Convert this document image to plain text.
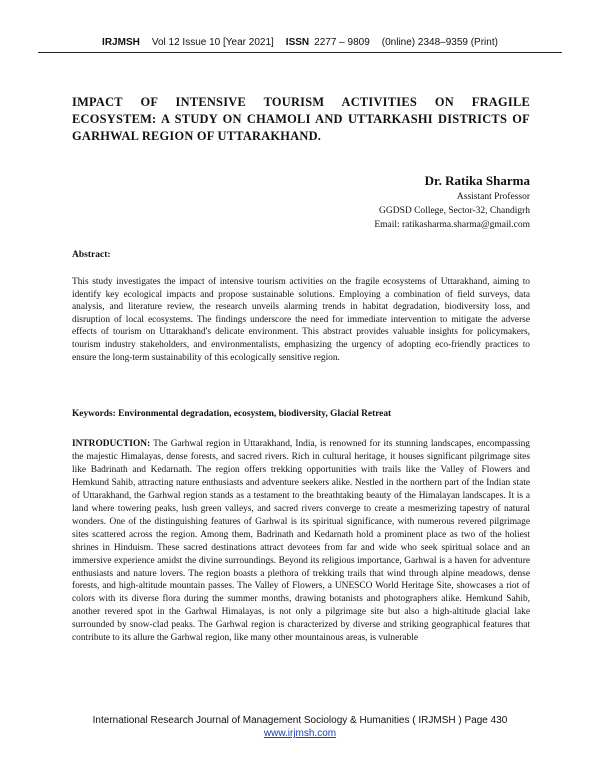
IRJMSH Vol 12 Issue 10 [Year 2021] ISSN 2277 – 9809 (0nline) 2348–9359 (Print)
IMPACT OF INTENSIVE TOURISM ACTIVITIES ON FRAGILE ECOSYSTEM: A STUDY ON CHAMOLI AND UTTARKASHI DISTRICTS OF GARHWAL REGION OF UTTARAKHAND.
Dr. Ratika Sharma
Assistant Professor
GGDSD College, Sector-32, Chandigrh
Email: ratikasharma.sharma@gmail.com
Abstract:

This study investigates the impact of intensive tourism activities on the fragile ecosystems of Uttarakhand, aiming to identify key ecological impacts and propose sustainable solutions. Employing a combination of field surveys, data analysis, and literature review, the research unveils alarming trends in habitat degradation, biodiversity loss, and disruption of local ecosystems. The findings underscore the need for immediate intervention to mitigate the adverse effects of tourism on Uttarakhand's delicate environment. This abstract provides valuable insights for policymakers, tourism industry stakeholders, and environmentalists, emphasizing the urgency of adopting eco-friendly practices to ensure the long-term sustainability of this ecologically sensitive region.

Keywords: Environmental degradation, ecosystem, biodiversity, Glacial Retreat

INTRODUCTION: The Garhwal region in Uttarakhand, India, is renowned for its stunning landscapes, encompassing the majestic Himalayas, dense forests, and sacred rivers. Rich in cultural heritage, it houses significant pilgrimage sites like Badrinath and Kedarnath. The region offers trekking opportunities with trails like the Valley of Flowers and Hemkund Sahib, attracting nature enthusiasts and adventure seekers alike. Nestled in the northern part of the Indian state of Uttarakhand, the Garhwal region stands as a testament to the breathtaking beauty of the Himalayan landscapes. It is a land where towering peaks, lush green valleys, and sacred rivers converge to create a mesmerizing tapestry of natural wonders. One of the distinguishing features of Garhwal is its spiritual significance, with numerous revered pilgrimage sites scattered across the region. Among them, Badrinath and Kedarnath hold a prominent place as two of the holiest shrines in Hinduism. These sacred destinations attract devotees from far and wide who seek spiritual solace and an immersive experience amidst the divine surroundings. Beyond its religious importance, Garhwal is a haven for adventure enthusiasts and nature lovers. The region boasts a plethora of trekking trails that wind through alpine meadows, dense forests, and high-altitude mountain passes. The Valley of Flowers, a UNESCO World Heritage Site, showcases a riot of colors with its diverse flora during the summer months, drawing botanists and photographers alike. Hemkund Sahib, another revered spot in the Garhwal Himalayas, is not only a pilgrimage site but also a high-altitude glacial lake surrounded by snow-clad peaks. The Garhwal region is characterized by diverse and striking geographical features that contribute to its allure the Garhwal region, like many other mountainous areas, is vulnerable

International Research Journal of Management Sociology & Humanities ( IRJMSH ) Page 430
www.irjmsh.com
